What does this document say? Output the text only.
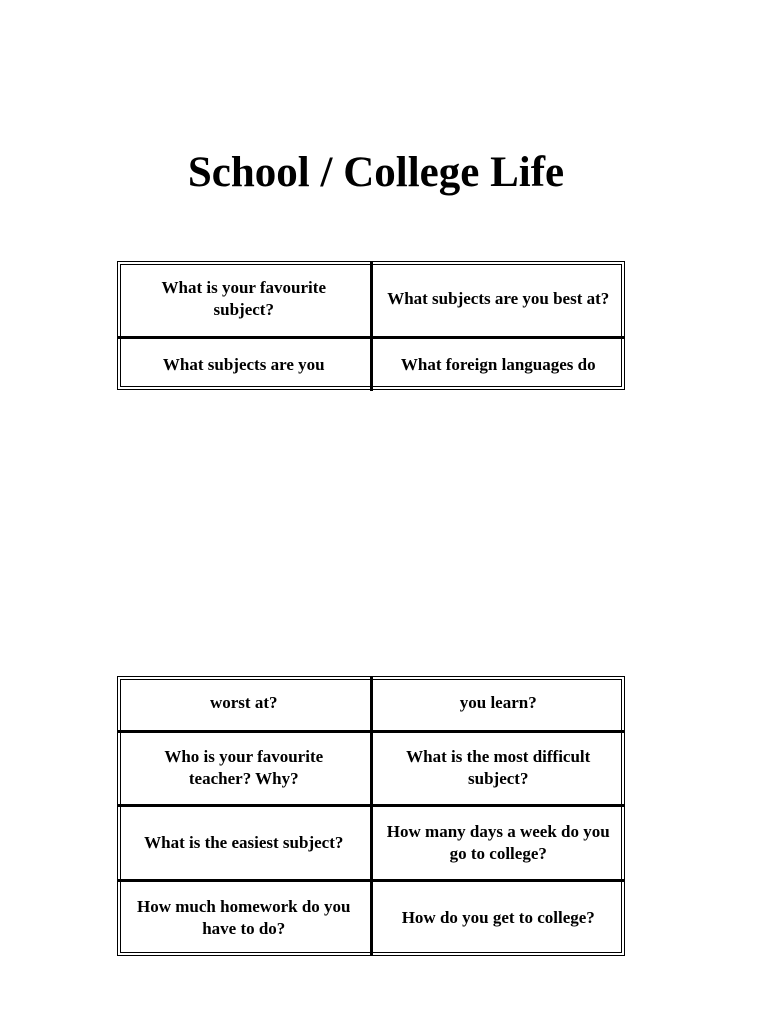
School / College Life
What is your favourite subject?	What subjects are you best at?
What subjects are you	What foreign languages do
worst at?	you learn?
Who is your favourite teacher? Why?	What is the most difficult subject?
What is the easiest subject?	How many days a week do you go to college?
How much homework do you have to do?	How do you get to college?
